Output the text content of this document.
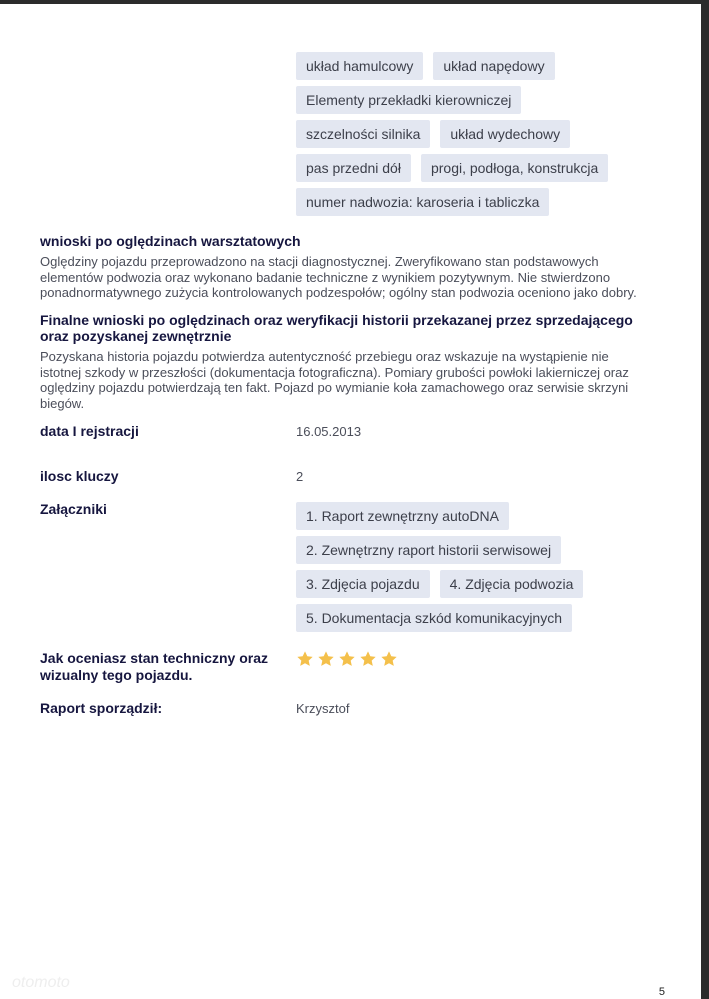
układ hamulcowy	układ napędowy
Elementy przekładki kierowniczej
szczelności silnika	układ wydechowy
pas przedni dół	progi, podłoga, konstrukcja
numer nadwozia: karoseria i tabliczka
wnioski po oględzinach warsztatowych

Oględziny pojazdu przeprowadzono na stacji diagnostycznej. Zweryfikowano stan podstawowych elementów podwozia oraz wykonano badanie techniczne z wynikiem pozytywnym. Nie stwierdzono ponadnormatywnego zużycia kontrolowanych podzespołów; ogólny stan podwozia oceniono jako dobry.

Finalne wnioski po oględzinach oraz weryfikacji historii przekazanej przez sprzedającego oraz pozyskanej zewnętrznie

Pozyskana historia pojazdu potwierdza autentyczność przebiegu oraz wskazuje na wystąpienie nie istotnej szkody w przeszłości (dokumentacja fotograficzna). Pomiary grubości powłoki lakierniczej oraz oględziny pojazdu potwierdzają ten fakt. Pojazd po wymianie koła zamachowego oraz serwisie skrzyni biegów.

data I rejstracji	16.05.2013
ilosc kluczy	2
Załączniki	1. Raport zewnętrzny autoDNA
2. Zewnętrzny raport historii serwisowej
3. Zdjęcia pojazdu	4. Zdjęcia podwozia
5. Dokumentacja szkód komunikacyjnych
Jak oceniasz stan techniczny oraz wizualny tego pojazdu.
Raport sporządził:	Krzysztof
otomoto
5
